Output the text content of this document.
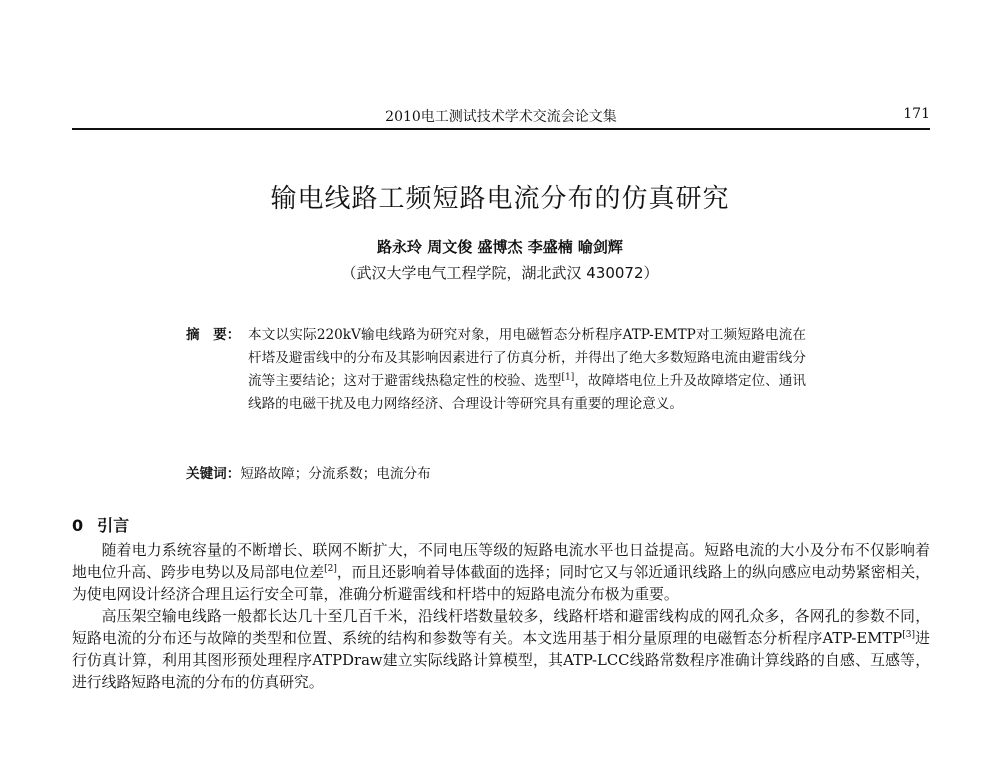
2010电工测试技术学术交流会论文集	171
输电线路工频短路电流分布的仿真研究
路永玲 周文俊 盛博杰 李盛楠 喻剑辉
（武汉大学电气工程学院，湖北武汉 430072）
摘　要： 本文以实际220kV输电线路为研究对象，用电磁暂态分析程序ATP-EMTP对工频短路电流在杆塔及避雷线中的分布及其影响因素进行了仿真分析，并得出了绝大多数短路电流由避雷线分流等主要结论；这对于避雷线热稳定性的校验、选型[1]，故障塔电位上升及故障塔定位、通讯线路的电磁干扰及电力网络经济、合理设计等研究具有重要的理论意义。
关键词：短路故障；分流系数；电流分布
0 引言

随着电力系统容量的不断增长、联网不断扩大，不同电压等级的短路电流水平也日益提高。短路电流的大小及分布不仅影响着地电位升高、跨步电势以及局部电位差[2]，而且还影响着导体截面的选择；同时它又与邻近通讯线路上的纵向感应电动势紧密相关，为使电网设计经济合理且运行安全可靠，准确分析避雷线和杆塔中的短路电流分布极为重要。

高压架空输电线路一般都长达几十至几百千米，沿线杆塔数量较多，线路杆塔和避雷线构成的网孔众多，各网孔的参数不同，短路电流的分布还与故障的类型和位置、系统的结构和参数等有关。本文选用基于相分量原理的电磁暂态分析程序ATP-EMTP[3]进行仿真计算，利用其图形预处理程序ATPDraw建立实际线路计算模型，其ATP-LCC线路常数程序准确计算线路的自感、互感等，进行线路短路电流的分布的仿真研究。
